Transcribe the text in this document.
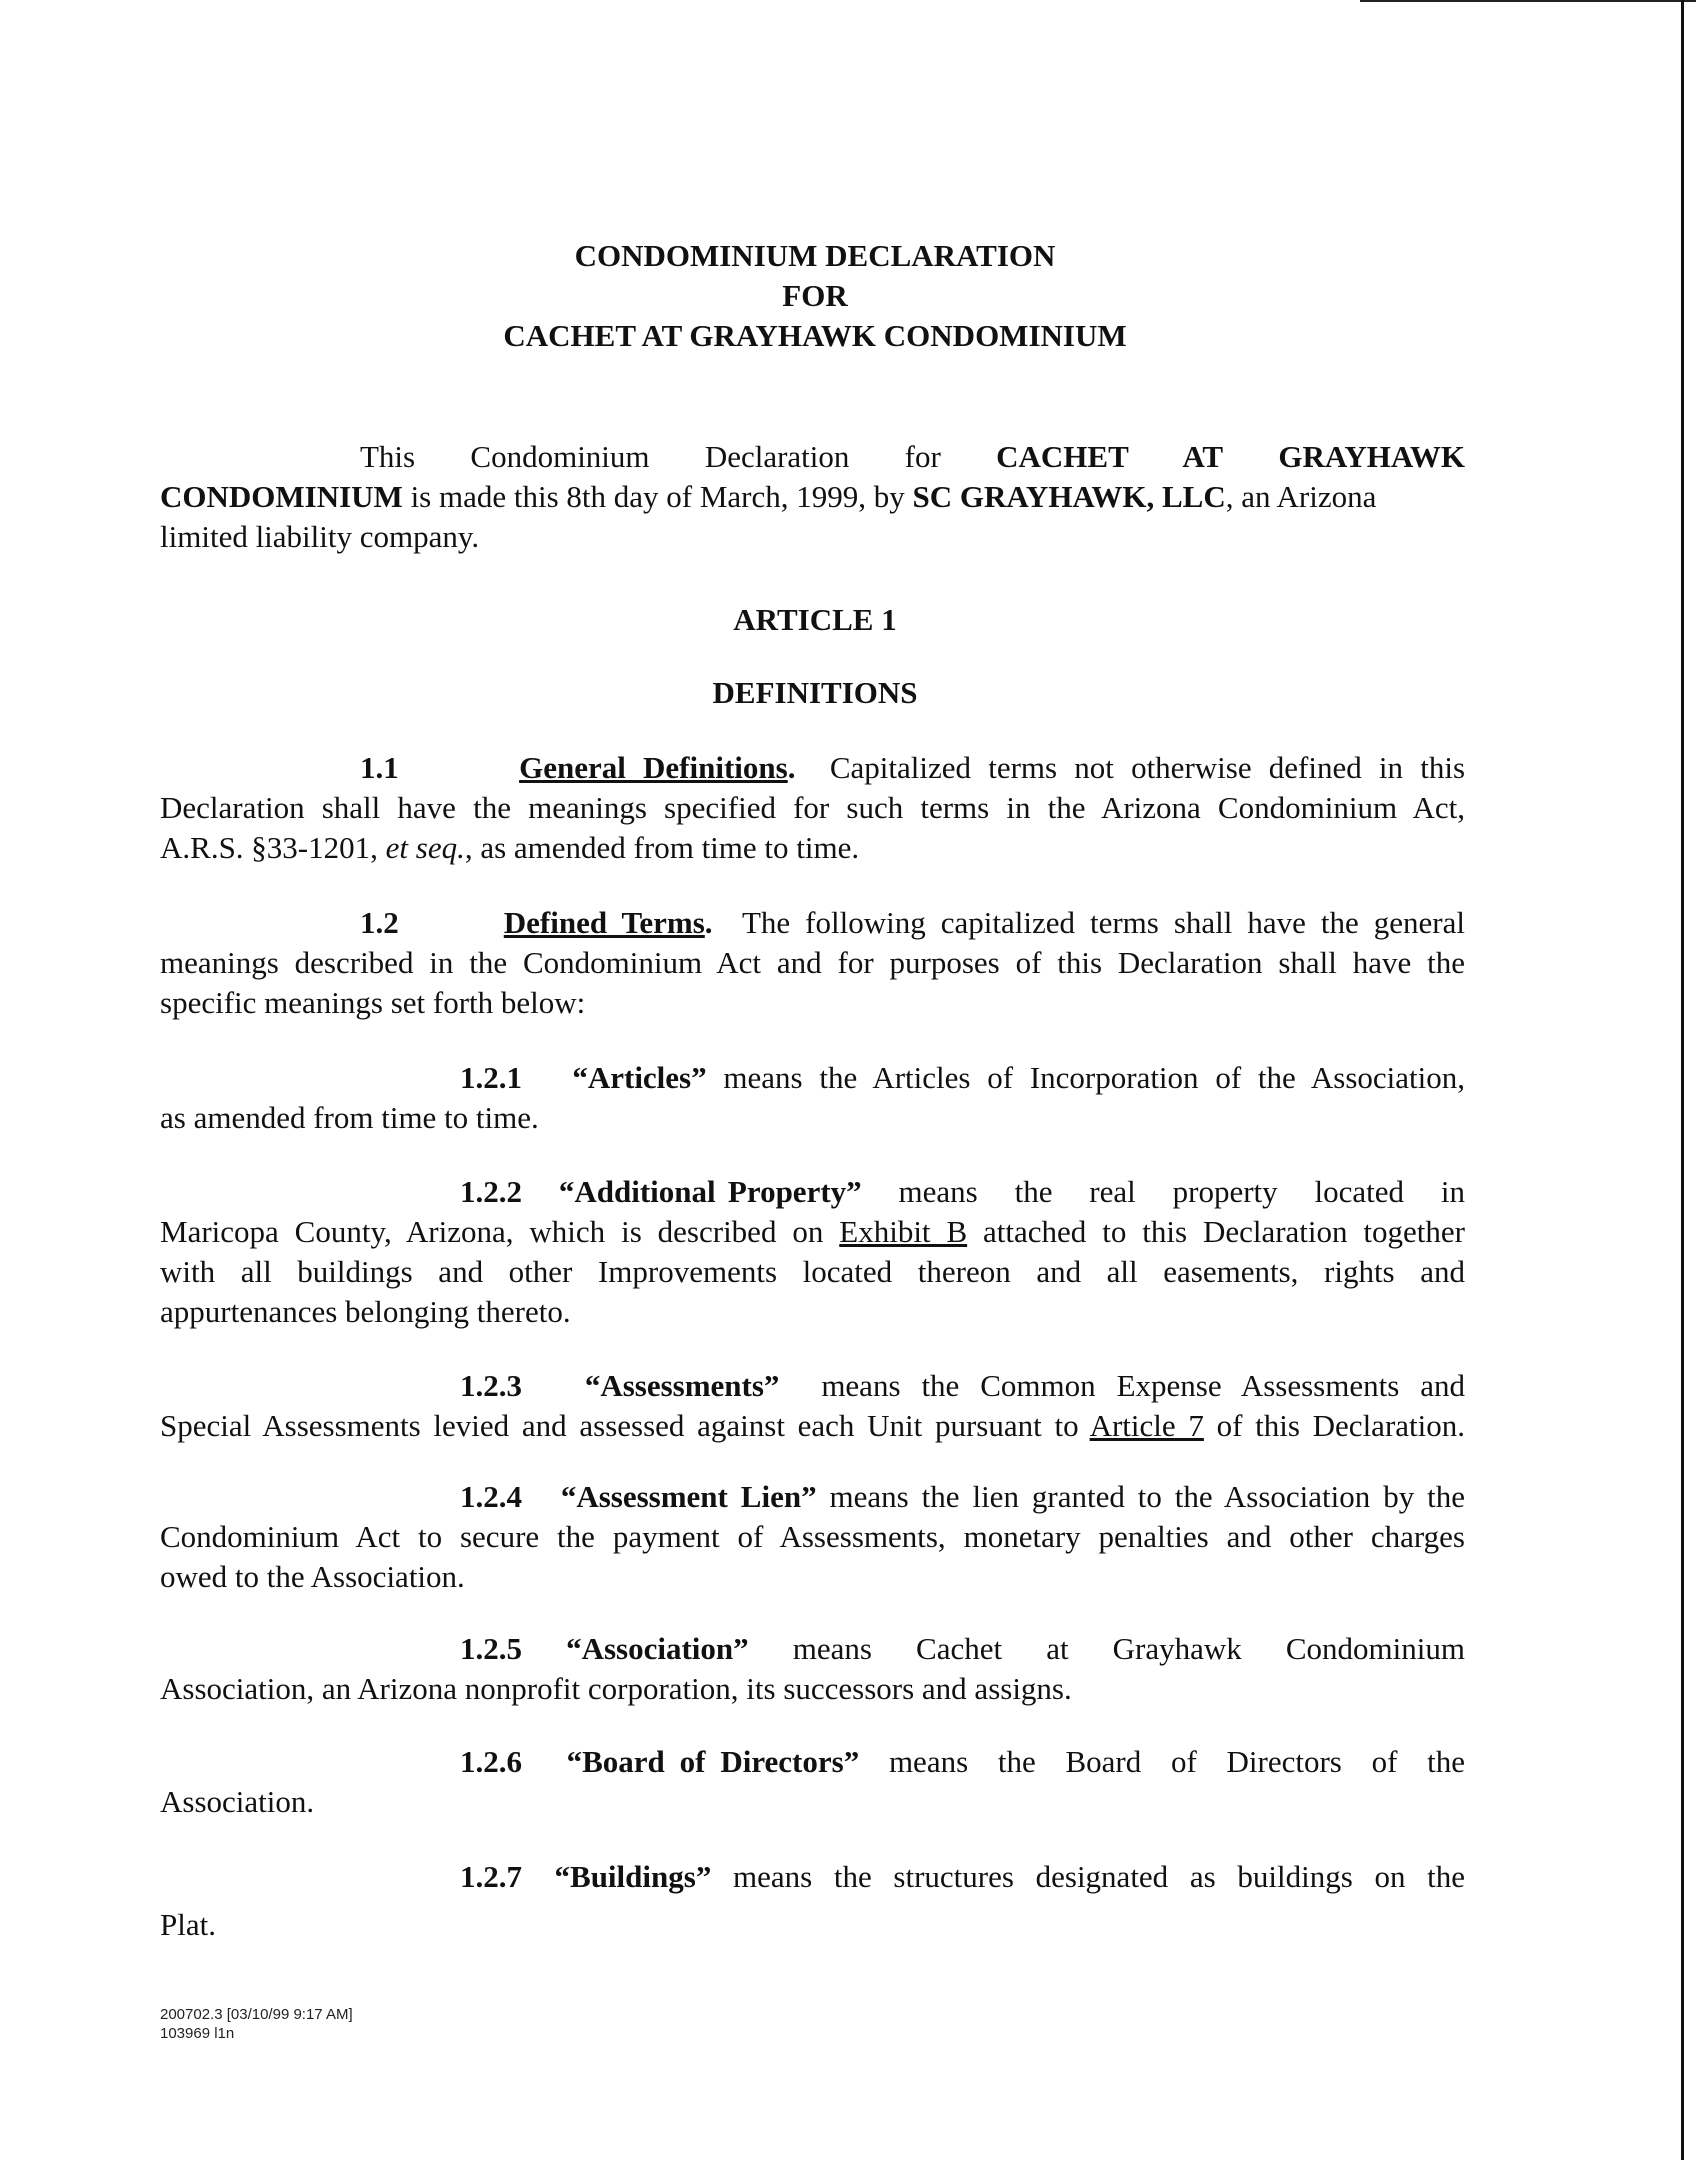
CONDOMINIUM DECLARATION
FOR
CACHET AT GRAYHAWK CONDOMINIUM
This  Condominium  Declaration  for  CACHET  AT  GRAYHAWK
CONDOMINIUM is made this 8th day of March, 1999, by SC GRAYHAWK, LLC, an Arizona
limited liability company.
ARTICLE 1
DEFINITIONS
1.1	General Definitions.  Capitalized terms not otherwise defined in this
Declaration shall have the meanings specified for such terms in the Arizona Condominium Act,
A.R.S. §33-1201, et seq., as amended from time to time.
1.2	Defined Terms.  The following capitalized terms shall have the general
meanings described in the Condominium Act and for purposes of this Declaration shall have the
specific meanings set forth below:
1.2.1 “Articles” means the Articles of Incorporation of the Association,
as amended from time to time.
1.2.2 “Additional Property”   means   the   real   property   located   in
Maricopa County, Arizona, which is described on Exhibit B attached to this Declaration together
with all buildings and other Improvements located thereon and all easements, rights and
appurtenances belonging thereto.
1.2.3 “Assessments”  means the Common Expense Assessments and
Special Assessments levied and assessed against each Unit pursuant to Article 7 of this Declaration.
1.2.4 “Assessment Lien” means the lien granted to the Association by the
Condominium Act to secure the payment of Assessments, monetary penalties and other charges
owed to the Association.
1.2.5 “Association”   means   Cachet   at   Grayhawk   Condominium
Association, an Arizona nonprofit corporation, its successors and assigns.
1.2.6 “Board of Directors”  means  the  Board  of  Directors  of  the
Association.
1.2.7 “Buildings”  means  the  structures  designated  as  buildings  on  the
Plat.
200702.3 [03/10/99 9:17 AM]
103969 l1n
